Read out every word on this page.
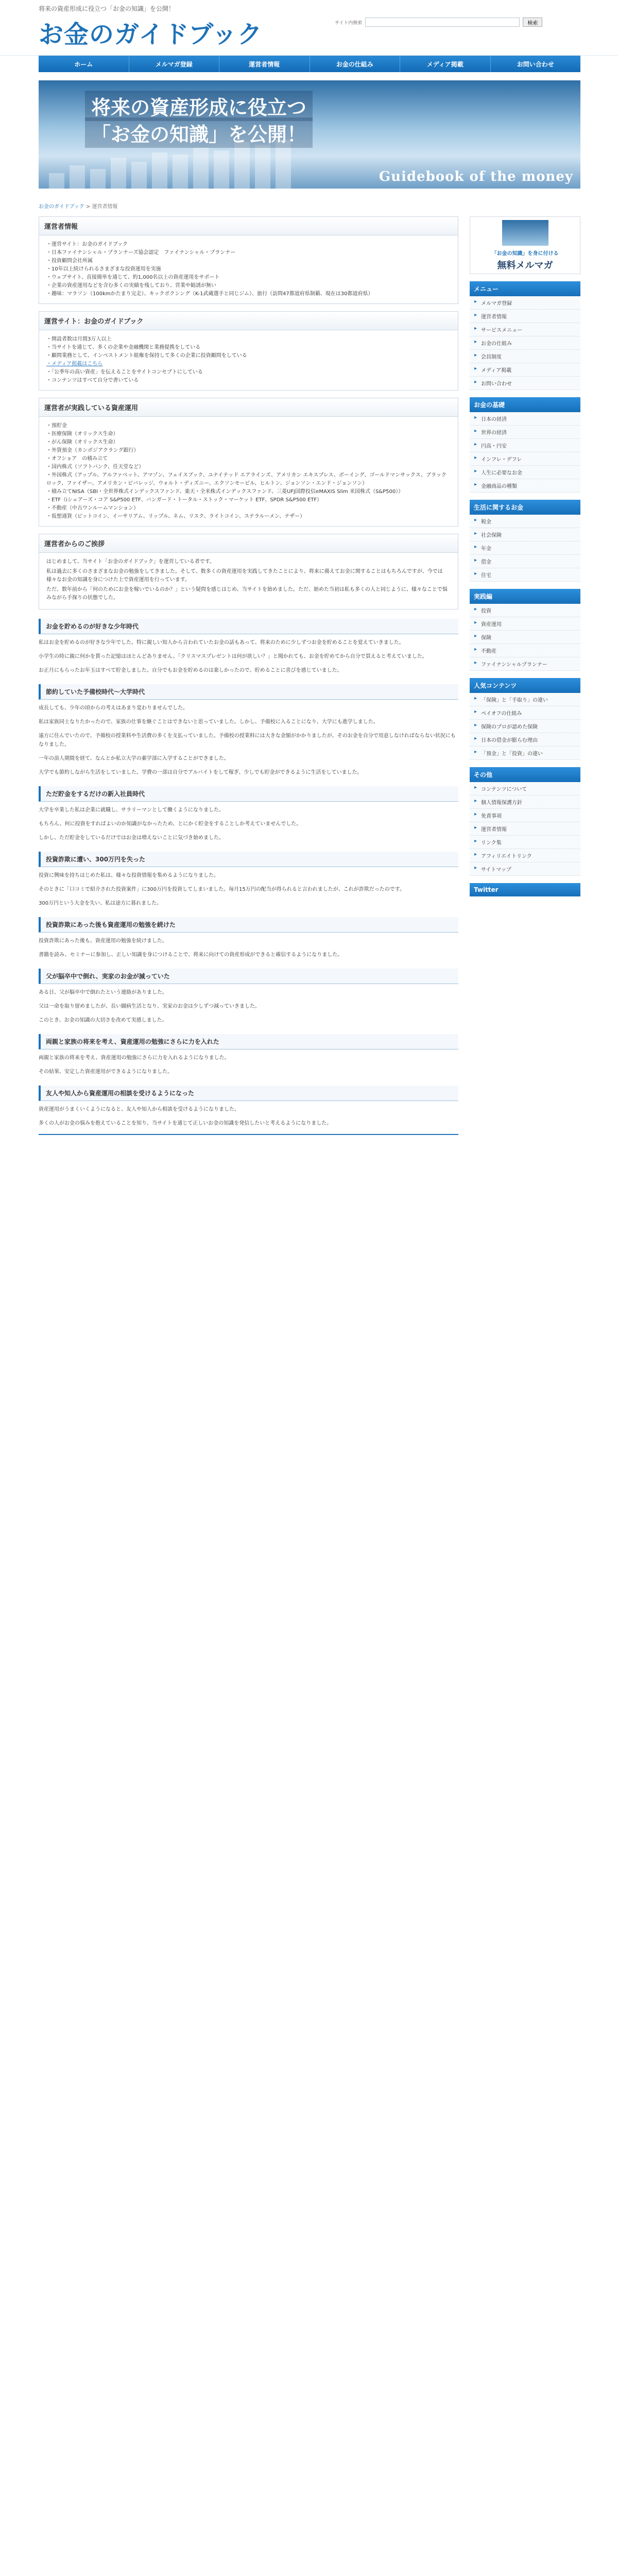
将来の資産形成に役立つ「お金の知識」を公開！
お金のガイドブック	サイト内検索	検索
ホーム	メルマガ登録	運営者情報	お金の仕組み	メディア掲載	お問い合わせ
将来の資産形成に役立つ
「お金の知識」を公開！
Guidebook of the money
お金のガイドブック > 運営者情報
運営者情報
・ 運営サイト：お金のガイドブック
・ 日本ファイナンシャル・プランナーズ協会認定　ファイナンシャル・プランナー
・ 投資顧問会社所属
・ 10年以上続けられるさまざまな投資運用を実施
・ ウェブサイト、直接簡単を通じて、約1,000名以上の資産運用をサポート
・ 企業の資産運用などを含む多くの実績を残しており、営業や勧誘が無い
・ 趣味：マラソン（100kmかたまり完走）、キックボクシング（K-1武蔵選手と同じジム）、旅行（訪問47都道府県制覇、現在は30都道府県）
運営サイト：お金のガイドブック
・ 開設者数は月間3万人以上
・ 当サイトを通じて、多くの企業や金融機関と業務提携をしている
・ 顧問業務として、インベストメント組権を保持して多くの企業に投資顧問をしている
・ メディア掲載はこちら
・ 「公季年の高い資産」を伝えることをサイトコンセプトにしている
・ コンテンツはすべて自分で書いている
運営者が実践している資産運用
・ 預貯金
・ 医療保険（オリックス生命）
・ がん保険（オリックス生命）
・ 外貨預金（カンボジアクラング銀行）
・ オフショア　の積み立て
・ 国内株式（ソフトバンク、任天堂など）
・ 外国株式（アップル、アルファベット、アマゾン、フェイスブック、ユナイテッド エアラインズ、アメリカン エキスプレス、ボーイング、ゴールドマンサックス、ブラックロック、ファイザー、アメリカン・ビバレッジ、ウォルト・ディズニー、エクソンモービル、ヒルトン、ジョンソン・エンド・ジョンソン）
・ 積み立てNISA（SBI・全世界株式インデックスファンド、楽天・全米株式インデックスファンド、三菱UFJ国際投信eMAXIS Slim 米国株式（S&P500））
・ ETF（iシェアーズ・コア S&P500 ETF、バンガード・トータル・ストック・マーケット ETF、SPDR S&P500 ETF）
・ 不動産（中古ワンルームマンション）
・ 仮想通貨（ビットコイン、イーサリアム、リップル、ネム、リスク、ライトコイン、ステラルーメン、テザー）
運営者からのご挨拶

はじめまして、当サイト「お金のガイドブック」を運営している者です。

私は過去に多くのさまざまなお金の勉強をしてきました。そして、数多くの資産運用を実践してきたことにより、将来に備えてお金に関することはもちろんですが、今では様々なお金の知識を身につけた上で資産運用を行っています。

ただ、数年前から「何のためにお金を稼いでいるのか？」という疑問を感じはじめ、当サイトを始めました。ただ、始めた当初は私も多くの人と同じように、様々なことで悩みながら手探りの状態でした。

お金を貯めるのが好きな少年時代

私はお金を貯めるのが好きな少年でした。特に親しい知人から言われていたお金の話もあって、将来のために少しずつお金を貯めることを覚えていきました。

小学生の時に親に何かを貰った記憶はほとんどありません。「クリスマスプレゼントは何が欲しい？」と聞かれても、お金を貯めてから自分で買えると考えていました。

お正月にもらったお年玉はすべて貯金しました。自分でもお金を貯めるのは楽しかったので、貯めることに喜びを感じていました。

節約していた予備校時代～大学時代

成長しても、少年の頃からの考えはあまり変わりませんでした。

私は家族同士なりたかったので、家族の仕事を継ぐことはできないと思っていました。しかし、予備校に入ることになり、大学にも進学しました。

遠方に住んでいたので、予備校の授業料や生活費の多くを支払っていました。予備校の授業料には大きな金額がかかりましたが、そのお金を自分で用意しなければならない状況にもなりました。

一年の浪人期間を経て、なんとか私立大学の薬学部に入学することができました。

大学でも節約しながら生活をしていました。学費の一部は自分でアルバイトをして稼ぎ、少しでも貯金ができるように生活をしていました。

ただ貯金をするだけの新入社員時代

大学を卒業した私は企業に就職し、サラリーマンとして働くようになりました。

もちろん、何に投資をすればよいのか知識がなかったため、とにかく貯金をすることしか考えていませんでした。

しかし、ただ貯金をしているだけではお金は増えないことに気づき始めました。

投資詐欺に遭い、300万円を失った

投資に興味を持ちはじめた私は、様々な投資情報を集めるようになりました。

そのときに「口コミで紹介された投資案件」に300万円を投資してしまいました。毎月15万円の配当が得られると言われましたが、これが詐欺だったのです。

300万円という大金を失い、私は途方に暮れました。

投資詐欺にあった後も資産運用の勉強を続けた

投資詐欺にあった後も、資産運用の勉強を続けました。

書籍を読み、セミナーに参加し、正しい知識を身につけることで、将来に向けての資産形成ができると確信するようになりました。

父が脳卒中で倒れ、実家のお金が減っていた

ある日、父が脳卒中で倒れたという連絡がありました。

父は一命を取り留めましたが、長い闘病生活となり、実家のお金は少しずつ減っていきました。

このとき、お金の知識の大切さを改めて実感しました。

両親と家族の将来を考え、資産運用の勉強にさらに力を入れた

両親と家族の将来を考え、資産運用の勉強にさらに力を入れるようになりました。

その結果、安定した資産運用ができるようになりました。

友人や知人から資産運用の相談を受けるようになった

資産運用がうまくいくようになると、友人や知人から相談を受けるようになりました。

多くの人がお金の悩みを抱えていることを知り、当サイトを通じて正しいお金の知識を発信したいと考えるようになりました。

「お金の知識」を身に付ける
無料メルマガ
メニュー
▸ メルマガ登録
▸ 運営者情報
▸ サービスメニュー
▸ お金の仕組み
▸ 会員制度
▸ メディア掲載
▸ お問い合わせ
お金の基礎
▸ 日本の経済
▸ 世界の経済
▸ 円高・円安
▸ インフレ・デフレ
▸ 人生に必要なお金
▸ 金融商品の種類
生活に関するお金
▸ 税金
▸ 社会保険
▸ 年金
▸ 借金
▸ 住宅
実践編
▸ 投資
▸ 資産運用
▸ 保険
▸ 不動産
▸ ファイナンシャルプランナー
人気コンテンツ
▸ 「保険」と「手取り」の違い
▸ ペイオフの仕組み
▸ 保険のプロが認めた保険
▸ 日本の借金が膨らむ理由
▸ 「預金」と「投資」の違い
その他
▸ コンテンツについて
▸ 個人情報保護方針
▸ 免責事項
▸ 運営者情報
▸ リンク集
▸ アフィリエイトリンク
▸ サイトマップ
Twitter
